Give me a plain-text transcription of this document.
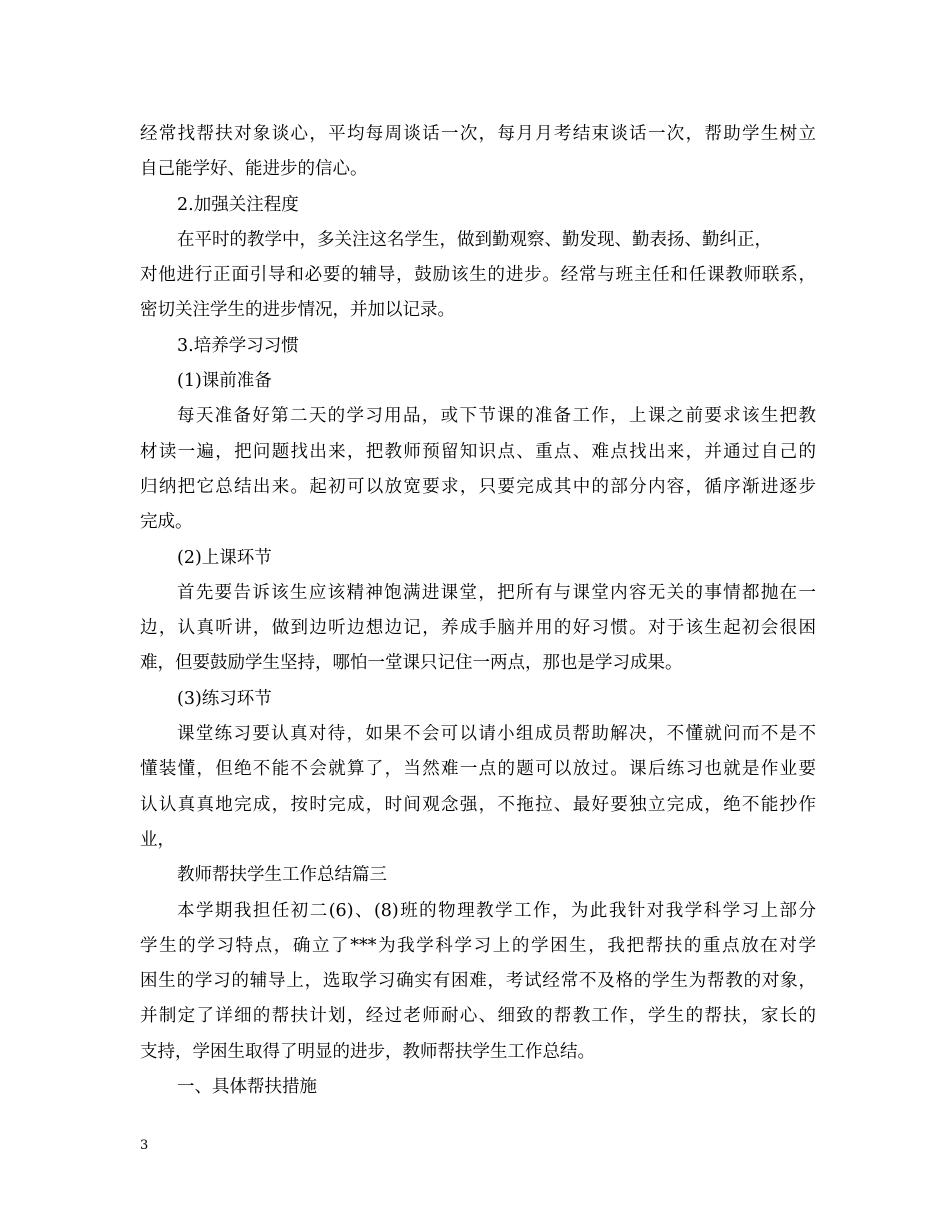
经常找帮扶对象谈心，平均每周谈话一次，每月月考结束谈话一次，帮助学生树立
自己能学好、能进步的信心。
2.加强关注程度
在平时的教学中，多关注这名学生，做到勤观察、勤发现、勤表扬、勤纠正，
对他进行正面引导和必要的辅导，鼓励该生的进步。经常与班主任和任课教师联系，
密切关注学生的进步情况，并加以记录。
3.培养学习习惯
(1)课前准备
每天准备好第二天的学习用品，或下节课的准备工作，上课之前要求该生把教
材读一遍，把问题找出来，把教师预留知识点、重点、难点找出来，并通过自己的
归纳把它总结出来。起初可以放宽要求，只要完成其中的部分内容，循序渐进逐步
完成。
(2)上课环节
首先要告诉该生应该精神饱满进课堂，把所有与课堂内容无关的事情都抛在一
边，认真听讲，做到边听边想边记，养成手脑并用的好习惯。对于该生起初会很困
难，但要鼓励学生坚持，哪怕一堂课只记住一两点，那也是学习成果。
(3)练习环节
课堂练习要认真对待，如果不会可以请小组成员帮助解决，不懂就问而不是不
懂装懂，但绝不能不会就算了，当然难一点的题可以放过。课后练习也就是作业要
认认真真地完成，按时完成，时间观念强，不拖拉、最好要独立完成，绝不能抄作
业，
教师帮扶学生工作总结篇三
本学期我担任初二(6)、(8)班的物理教学工作，为此我针对我学科学习上部分
学生的学习特点，确立了***为我学科学习上的学困生，我把帮扶的重点放在对学
困生的学习的辅导上，选取学习确实有困难，考试经常不及格的学生为帮教的对象，
并制定了详细的帮扶计划，经过老师耐心、细致的帮教工作，学生的帮扶，家长的
支持，学困生取得了明显的进步，教师帮扶学生工作总结。
一、具体帮扶措施
3
